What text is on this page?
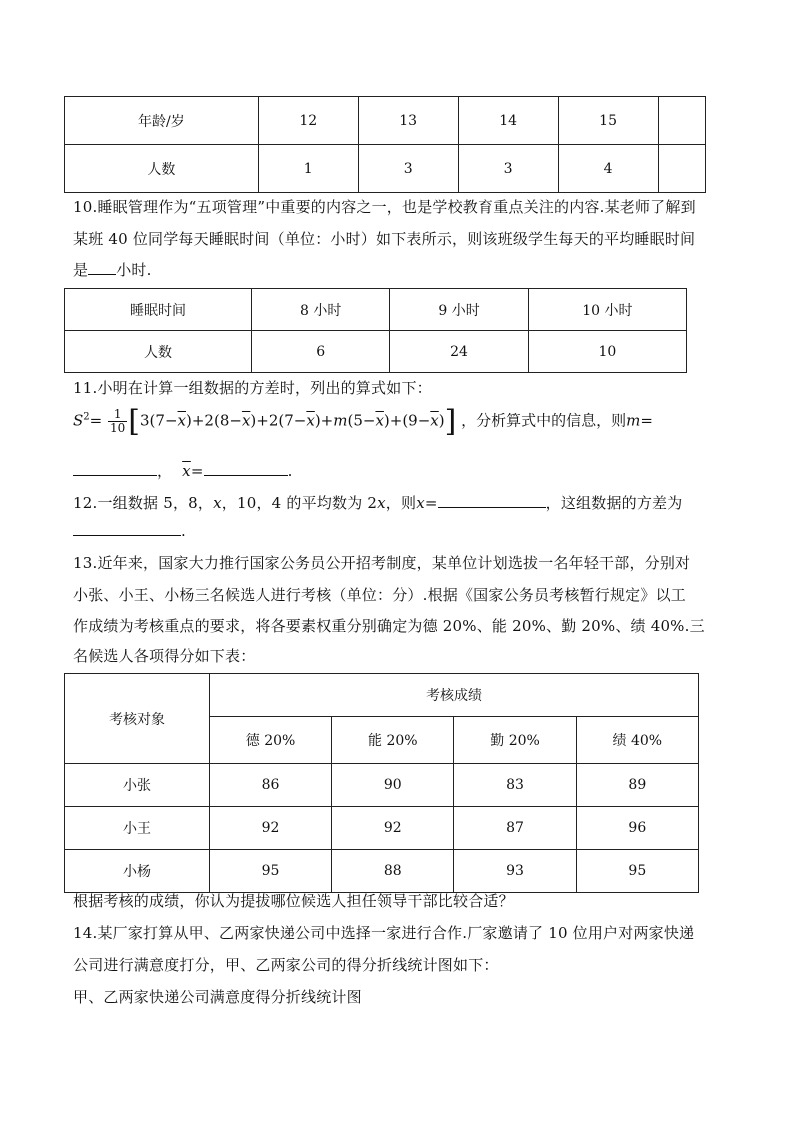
年龄/岁	12	13	14	15	
人数	1	3	3	4	
10.睡眠管理作为“五项管理”中重要的内容之一，也是学校教育重点关注的内容.某老师了解到
某班 40 位同学每天睡眠时间（单位：小时）如下表所示，则该班级学生每天的平均睡眠时间
是 小时.
睡眠时间	8 小时	9 小时	10 小时
人数	6	24	10
11.小明在计算一组数据的方差时，列出的算式如下：
$S^2= \frac{1}{10} [3(7-\overline{x})+2(8-\overline{x})+2(7-\overline{x})+m(5-\overline{x})+(9-\overline{x})]$ ，分析算式中的信息，则m=
， $\overline{x}=$	.
12.一组数据 5，8，x，10，4 的平均数为 2x，则x=	，这组数据的方差为
.
13.近年来，国家大力推行国家公务员公开招考制度，某单位计划选拔一名年轻干部，分别对
小张、小王、小杨三名候选人进行考核（单位：分）.根据《国家公务员考核暂行规定》以工
作成绩为考核重点的要求，将各要素权重分别确定为德 20%、能 20%、勤 20%、绩 40%.三
名候选人各项得分如下表：
考核对象	考核成绩			
	德 20%	能 20%	勤 20%	绩 40%
小张	86	90	83	89
小王	92	92	87	96
小杨	95	88	93	95
根据考核的成绩，你认为提拔哪位候选人担任领导干部比较合适？
14.某厂家打算从甲、乙两家快递公司中选择一家进行合作.厂家邀请了 10 位用户对两家快递
公司进行满意度打分，甲、乙两家公司的得分折线统计图如下：
甲、乙两家快递公司满意度得分折线统计图
